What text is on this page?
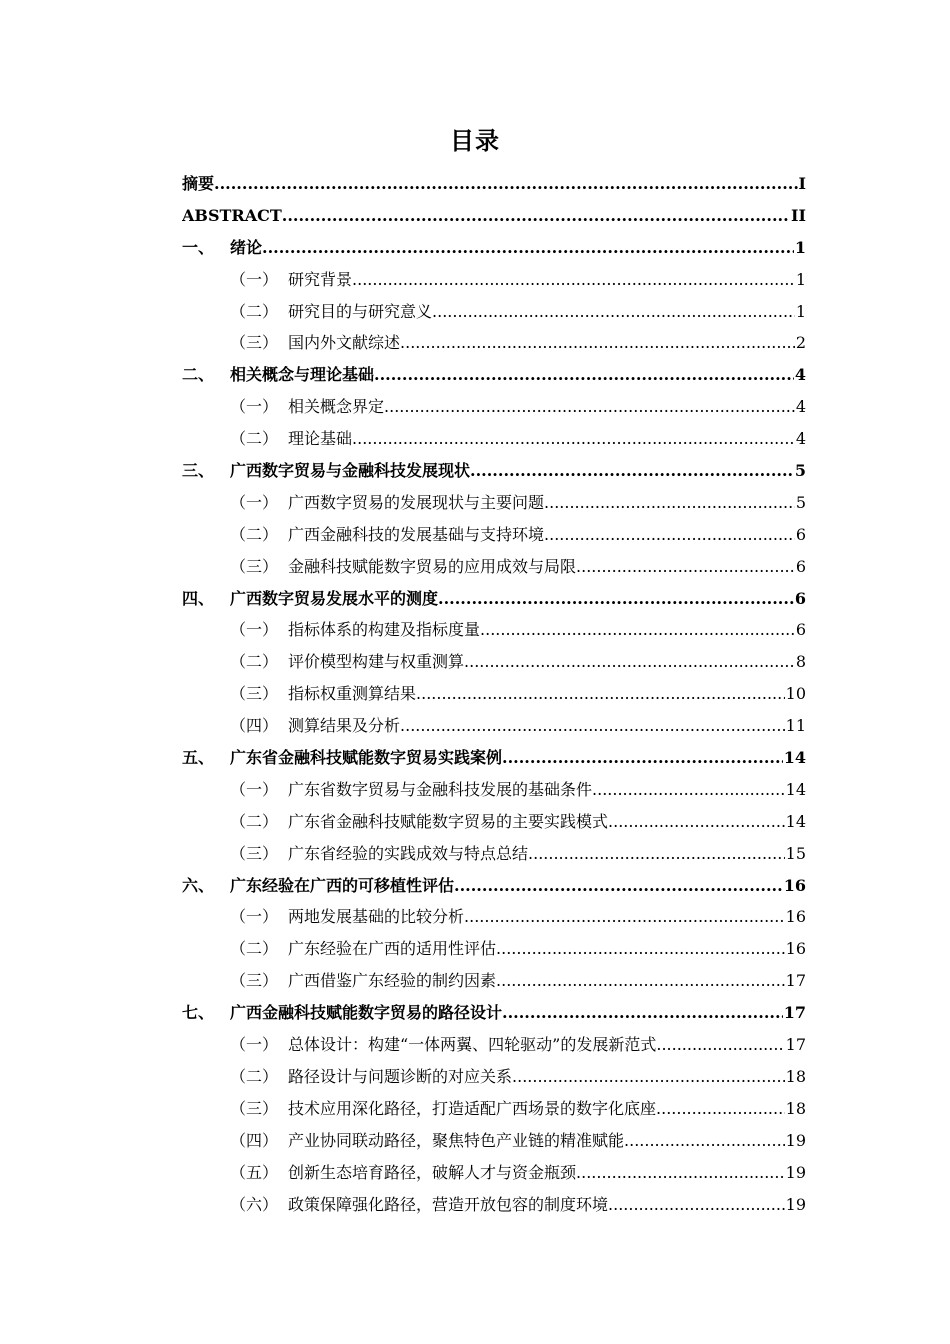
目录
摘要 .....	I
ABSTRACT .....	II
一、 绪论 .....	1
（一） 研究背景 .....	1
（二） 研究目的与研究意义 .....	1
（三） 国内外文献综述 .....	2
二、 相关概念与理论基础 .....	4
（一） 相关概念界定 .....	4
（二） 理论基础 .....	4
三、 广西数字贸易与金融科技发展现状 .....	5
（一） 广西数字贸易的发展现状与主要问题 .....	5
（二） 广西金融科技的发展基础与支持环境 .....	6
（三） 金融科技赋能数字贸易的应用成效与局限 .....	6
四、 广西数字贸易发展水平的测度 .....	6
（一） 指标体系的构建及指标度量 .....	6
（二） 评价模型构建与权重测算 .....	8
（三） 指标权重测算结果 .....	10
（四） 测算结果及分析 .....	11
五、 广东省金融科技赋能数字贸易实践案例 .....	14
（一） 广东省数字贸易与金融科技发展的基础条件 .....	14
（二） 广东省金融科技赋能数字贸易的主要实践模式 .....	14
（三） 广东省经验的实践成效与特点总结 .....	15
六、 广东经验在广西的可移植性评估 .....	16
（一） 两地发展基础的比较分析 .....	16
（二） 广东经验在广西的适用性评估 .....	16
（三） 广西借鉴广东经验的制约因素 .....	17
七、 广西金融科技赋能数字贸易的路径设计 .....	17
（一） 总体设计：构建“一体两翼、四轮驱动”的发展新范式 .....	17
（二） 路径设计与问题诊断的对应关系 .....	18
（三） 技术应用深化路径，打造适配广西场景的数字化底座 .....	18
（四） 产业协同联动路径，聚焦特色产业链的精准赋能 .....	19
（五） 创新生态培育路径，破解人才与资金瓶颈 .....	19
（六） 政策保障强化路径，营造开放包容的制度环境 .....	19
